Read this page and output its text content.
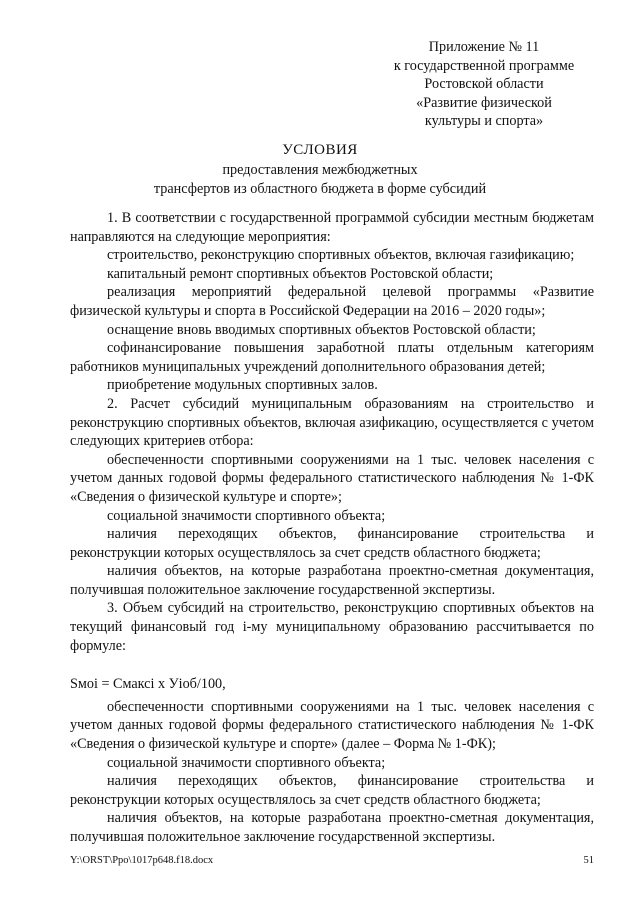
Приложение № 11
к государственной программе
Ростовской области
«Развитие физической
культуры и спорта»
УСЛОВИЯ
предоставления межбюджетных
трансфертов из областного бюджета в форме субсидий

1. В соответствии с государственной программой субсидии местным бюджетам направляются на следующие мероприятия:

строительство, реконструкцию спортивных объектов, включая газификацию;

капитальный ремонт спортивных объектов Ростовской области;

реализация мероприятий федеральной целевой программы «Развитие физической культуры и спорта в Российской Федерации на 2016 – 2020 годы»;

оснащение вновь вводимых спортивных объектов Ростовской области;

софинансирование повышения заработной платы отдельным категориям работников муниципальных учреждений дополнительного образования детей;

приобретение модульных спортивных залов.

2. Расчет субсидий муниципальным образованиям на строительство и реконструкцию спортивных объектов, включая азификацию, осуществляется с учетом следующих критериев отбора:

обеспеченности спортивными сооружениями на 1 тыс. человек населения с учетом данных годовой формы федерального статистического наблюдения № 1-ФК «Сведения о физической культуре и спорте»;

социальной значимости спортивного объекта;

наличия переходящих объектов, финансирование строительства и реконструкции которых осуществлялось за счет средств областного бюджета;

наличия объектов, на которые разработана проектно-сметная документация, получившая положительное заключение государственной экспертизы.

3. Объем субсидий на строительство, реконструкцию спортивных объектов на текущий финансовый год i-му муниципальному образованию рассчитывается по формуле:

Sмoi = Смаксi x Уioб/100,

обеспеченности спортивными сооружениями на 1 тыс. человек населения с учетом данных годовой формы федерального статистического наблюдения № 1-ФК «Сведения о физической культуре и спорте» (далее – Форма № 1-ФК);

социальной значимости спортивного объекта;

наличия переходящих объектов, финансирование строительства и реконструкции которых осуществлялось за счет средств областного бюджета;

наличия объектов, на которые разработана проектно-сметная документация, получившая положительное заключение государственной экспертизы.

Y:\ORST\Ppo\1017p648.f18.docx	51
